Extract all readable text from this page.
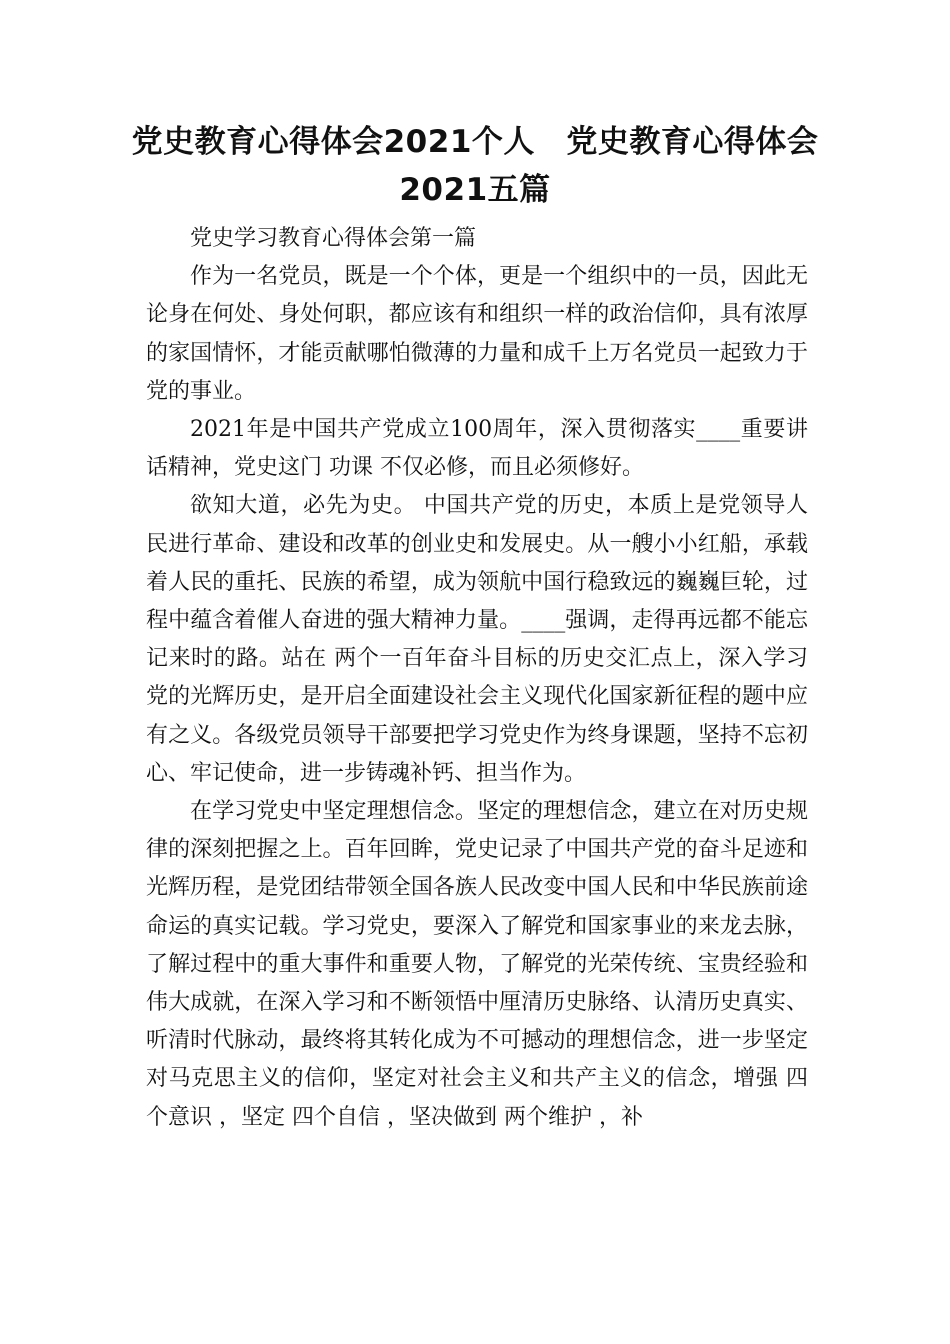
党史教育心得体会2021个人　党史教育心得体会2021五篇

党史学习教育心得体会第一篇

作为一名党员，既是一个个体，更是一个组织中的一员，因此无论身在何处、身处何职，都应该有和组织一样的政治信仰，具有浓厚的家国情怀，才能贡献哪怕微薄的力量和成千上万名党员一起致力于党的事业。

2021年是中国共产党成立100周年，深入贯彻落实____重要讲话精神，党史这门 功课 不仅必修，而且必须修好。

欲知大道，必先为史。 中国共产党的历史，本质上是党领导人民进行革命、建设和改革的创业史和发展史。从一艘小小红船，承载着人民的重托、民族的希望，成为领航中国行稳致远的巍巍巨轮，过程中蕴含着催人奋进的强大精神力量。____强调，走得再远都不能忘记来时的路。站在 两个一百年奋斗目标的历史交汇点上，深入学习党的光辉历史，是开启全面建设社会主义现代化国家新征程的题中应有之义。各级党员领导干部要把学习党史作为终身课题，坚持不忘初心、牢记使命，进一步铸魂补钙、担当作为。

在学习党史中坚定理想信念。坚定的理想信念，建立在对历史规律的深刻把握之上。百年回眸，党史记录了中国共产党的奋斗足迹和光辉历程，是党团结带领全国各族人民改变中国人民和中华民族前途命运的真实记载。学习党史，要深入了解党和国家事业的来龙去脉，了解过程中的重大事件和重要人物，了解党的光荣传统、宝贵经验和伟大成就，在深入学习和不断领悟中厘清历史脉络、认清历史真实、听清时代脉动，最终将其转化成为不可撼动的理想信念，进一步坚定对马克思主义的信仰，坚定对社会主义和共产主义的信念，增强 四个意识 ，坚定 四个自信 ，坚决做到 两个维护 ，补
